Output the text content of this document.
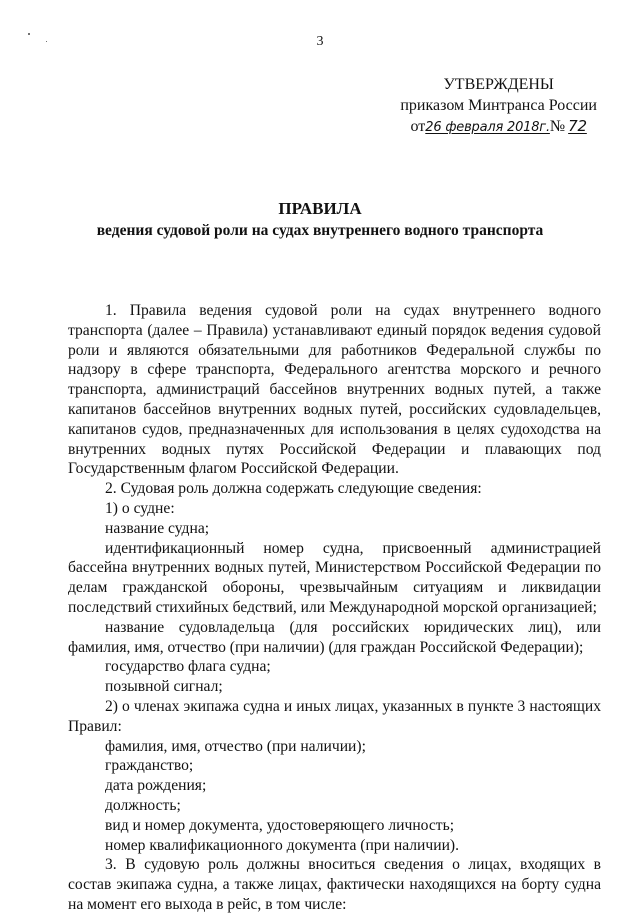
3
УТВЕРЖДЕНЫ
приказом Минтранса России
от26 февраля 2018г.№ 72
ПРАВИЛА
ведения судовой роли на судах внутреннего водного транспорта

1. Правила ведения судовой роли на судах внутреннего водного транспорта (далее – Правила) устанавливают единый порядок ведения судовой роли и являются обязательными для работников Федеральной службы по надзору в сфере транспорта, Федерального агентства морского и речного транспорта, администраций бассейнов внутренних водных путей, а также капитанов бассейнов внутренних водных путей, российских судовладельцев, капитанов судов, предназначенных для использования в целях судоходства на внутренних водных путях Российской Федерации и плавающих под Государственным флагом Российской Федерации.

2. Судовая роль должна содержать следующие сведения:

1) о судне:

название судна;

идентификационный номер судна, присвоенный администрацией бассейна внутренних водных путей, Министерством Российской Федерации по делам гражданской обороны, чрезвычайным ситуациям и ликвидации последствий стихийных бедствий, или Международной морской организацией;

название судовладельца (для российских юридических лиц), или фамилия, имя, отчество (при наличии) (для граждан Российской Федерации);

государство флага судна;

позывной сигнал;

2) о членах экипажа судна и иных лицах, указанных в пункте 3 настоящих Правил:

фамилия, имя, отчество (при наличии);

гражданство;

дата рождения;

должность;

вид и номер документа, удостоверяющего личность;

номер квалификационного документа (при наличии).

3. В судовую роль должны вноситься сведения о лицах, входящих в состав экипажа судна, а также лицах, фактически находящихся на борту судна на момент его выхода в рейс, в том числе:
